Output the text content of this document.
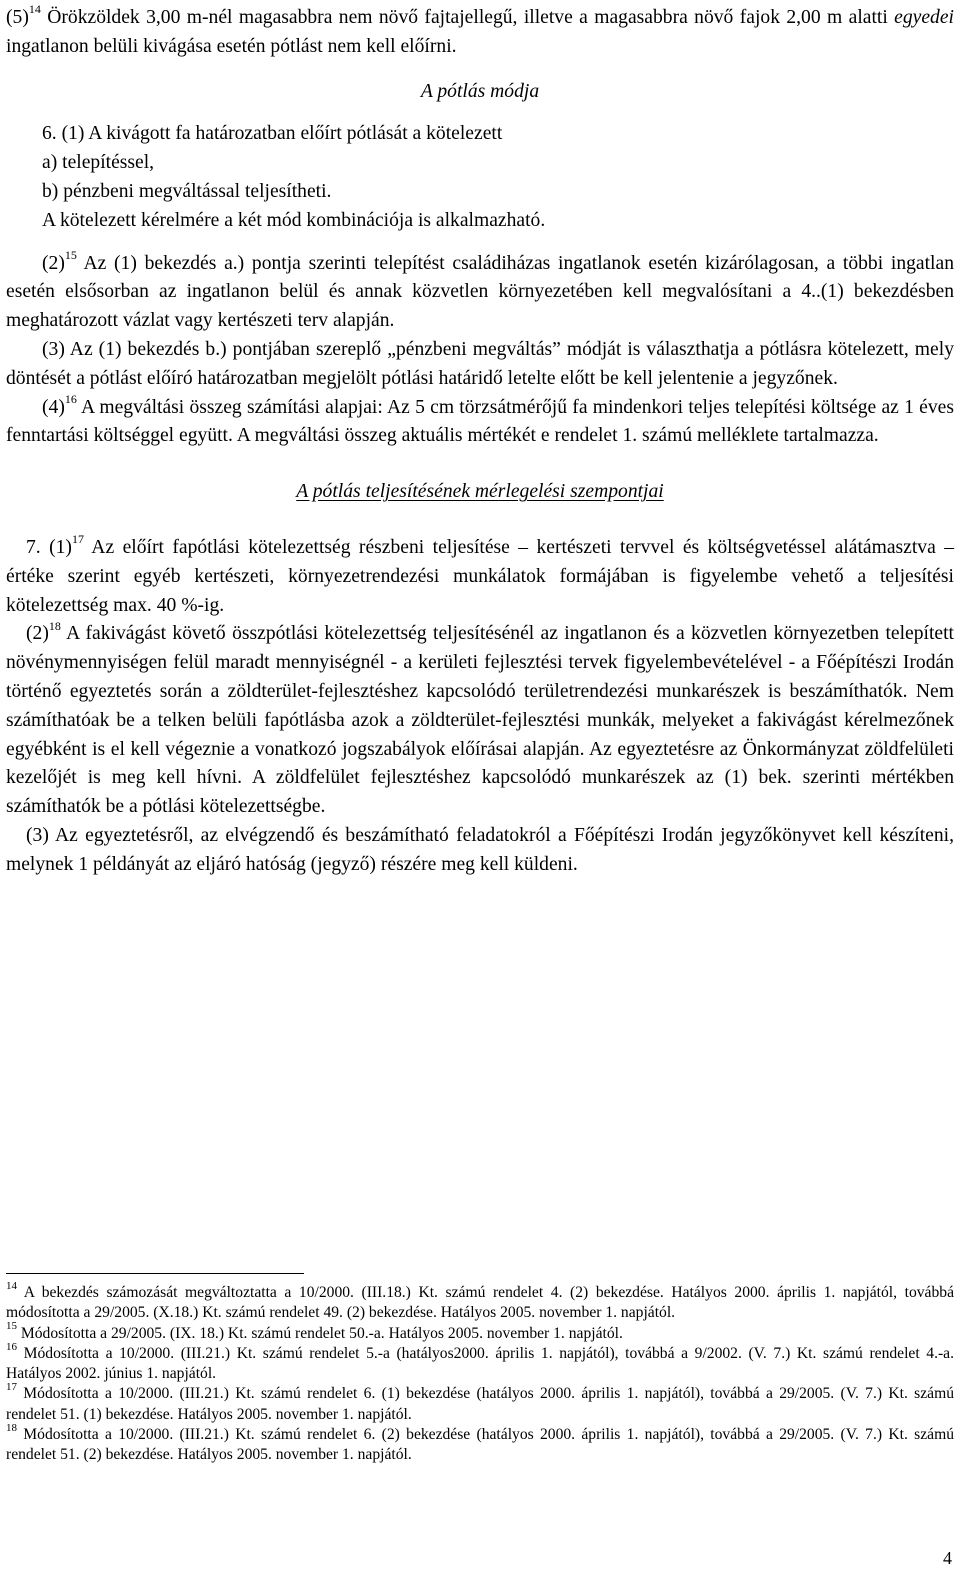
$(5)^{14}$ Örökzöldek 3,00 m-nél magasabbra nem növő fajtajellegű, illetve a magasabbra növő fajok 2,00 m alatti egyedei ingatlanon belüli kivágása esetén pótlást nem kell előírni.

A pótlás módja

6. (1) A kivágott fa határozatban előírt pótlását a kötelezett

a) telepítéssel,

b) pénzbeni megváltással teljesítheti.

A kötelezett kérelmére a két mód kombinációja is alkalmazható.

$(2)^{15}$ Az (1) bekezdés a.) pontja szerinti telepítést családiházas ingatlanok esetén kizárólagosan, a többi ingatlan esetén elsősorban az ingatlanon belül és annak közvetlen környezetében kell megvalósítani a 4..(1) bekezdésben meghatározott vázlat vagy kertészeti terv alapján.

(3) Az (1) bekezdés b.) pontjában szereplő „pénzbeni megváltás” módját is választhatja a pótlásra kötelezett, mely döntését a pótlást előíró határozatban megjelölt pótlási határidő letelte előtt be kell jelentenie a jegyzőnek.

$(4)^{16}$ A megváltási összeg számítási alapjai: Az 5 cm törzsátmérőjű fa mindenkori teljes telepítési költsége az 1 éves fenntartási költséggel együtt. A megváltási összeg aktuális mértékét e rendelet 1. számú melléklete tartalmazza.

A pótlás teljesítésének mérlegelési szempontjai

7. $(1)^{17}$ Az előírt fapótlási kötelezettség részbeni teljesítése – kertészeti tervvel és költségvetéssel alátámasztva – értéke szerint egyéb kertészeti, környezetrendezési munkálatok formájában is figyelembe vehető a teljesítési kötelezettség max. 40 %-ig.

$(2)^{18}$ A fakivágást követő összpótlási kötelezettség teljesítésénél az ingatlanon és a közvetlen környezetben telepített növénymennyiségen felül maradt mennyiségnél - a kerületi fejlesztési tervek figyelembevételével - a Főépítészi Irodán történő egyeztetés során a zöldterület-fejlesztéshez kapcsolódó területrendezési munkarészek is beszámíthatók. Nem számíthatóak be a telken belüli fapótlásba azok a zöldterület-fejlesztési munkák, melyeket a fakivágást kérelmezőnek egyébként is el kell végeznie a vonatkozó jogszabályok előírásai alapján. Az egyeztetésre az Önkormányzat zöldfelületi kezelőjét is meg kell hívni. A zöldfelület fejlesztéshez kapcsolódó munkarészek az (1) bek. szerinti mértékben számíthatók be a pótlási kötelezettségbe.

(3) Az egyeztetésről, az elvégzendő és beszámítható feladatokról a Főépítészi Irodán jegyzőkönyvet kell készíteni, melynek 1 példányát az eljáró hatóság (jegyző) részére meg kell küldeni.

$^{14}$ A bekezdés számozását megváltoztatta a 10/2000. (III.18.) Kt. számú rendelet 4. (2) bekezdése. Hatályos 2000. április 1. napjától, továbbá módosította a 29/2005. (X.18.) Kt. számú rendelet 49. (2) bekezdése. Hatályos 2005. november 1. napjától.

$^{15}$ Módosította a 29/2005. (IX. 18.) Kt. számú rendelet 50.-a. Hatályos 2005. november 1. napjától.

$^{16}$ Módosította a 10/2000. (III.21.) Kt. számú rendelet 5.-a (hatályos2000. április 1. napjától), továbbá a 9/2002. (V. 7.) Kt. számú rendelet 4.-a. Hatályos 2002. június 1. napjától.

$^{17}$ Módosította a 10/2000. (III.21.) Kt. számú rendelet 6. (1) bekezdése (hatályos 2000. április 1. napjától), továbbá a 29/2005. (V. 7.) Kt. számú rendelet 51. (1) bekezdése. Hatályos 2005. november 1. napjától.

$^{18}$ Módosította a 10/2000. (III.21.) Kt. számú rendelet 6. (2) bekezdése (hatályos 2000. április 1. napjától), továbbá a 29/2005. (V. 7.) Kt. számú rendelet 51. (2) bekezdése. Hatályos 2005. november 1. napjától.

4
